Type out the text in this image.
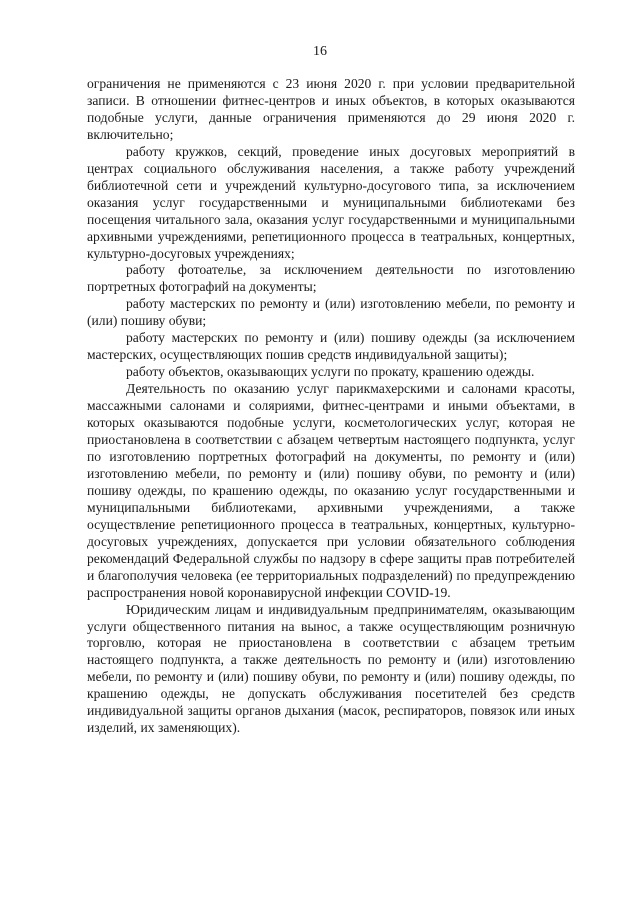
16

ограничения не применяются с 23 июня 2020 г. при условии предварительной записи. В отношении фитнес-центров и иных объектов, в которых оказываются подобные услуги, данные ограничения применяются до 29 июня 2020 г. включительно;

работу кружков, секций, проведение иных досуговых мероприятий в центрах социального обслуживания населения, а также работу учреждений библиотечной сети и учреждений культурно-досугового типа, за исключением оказания услуг государственными и муниципальными библиотеками без посещения читального зала, оказания услуг государственными и муниципальными архивными учреждениями, репетиционного процесса в театральных, концертных, культурно-досуговых учреждениях;

работу фотоателье, за исключением деятельности по изготовлению портретных фотографий на документы;

работу мастерских по ремонту и (или) изготовлению мебели, по ремонту и (или) пошиву обуви;

работу мастерских по ремонту и (или) пошиву одежды (за исключением мастерских, осуществляющих пошив средств индивидуальной защиты);

работу объектов, оказывающих услуги по прокату, крашению одежды.

Деятельность по оказанию услуг парикмахерскими и салонами красоты, массажными салонами и соляриями, фитнес-центрами и иными объектами, в которых оказываются подобные услуги, косметологических услуг, которая не приостановлена в соответствии с абзацем четвертым настоящего подпункта, услуг по изготовлению портретных фотографий на документы, по ремонту и (или) изготовлению мебели, по ремонту и (или) пошиву обуви, по ремонту и (или) пошиву одежды, по крашению одежды, по оказанию услуг государственными и муниципальными библиотеками, архивными учреждениями, а также осуществление репетиционного процесса в театральных, концертных, культурно-досуговых учреждениях, допускается при условии обязательного соблюдения рекомендаций Федеральной службы по надзору в сфере защиты прав потребителей и благополучия человека (ее территориальных подразделений) по предупреждению распространения новой коронавирусной инфекции COVID-19.

Юридическим лицам и индивидуальным предпринимателям, оказывающим услуги общественного питания на вынос, а также осуществляющим розничную торговлю, которая не приостановлена в соответствии с абзацем третьим настоящего подпункта, а также деятельность по ремонту и (или) изготовлению мебели, по ремонту и (или) пошиву обуви, по ремонту и (или) пошиву одежды, по крашению одежды, не допускать обслуживания посетителей без средств индивидуальной защиты органов дыхания (масок, респираторов, повязок или иных изделий, их заменяющих).
